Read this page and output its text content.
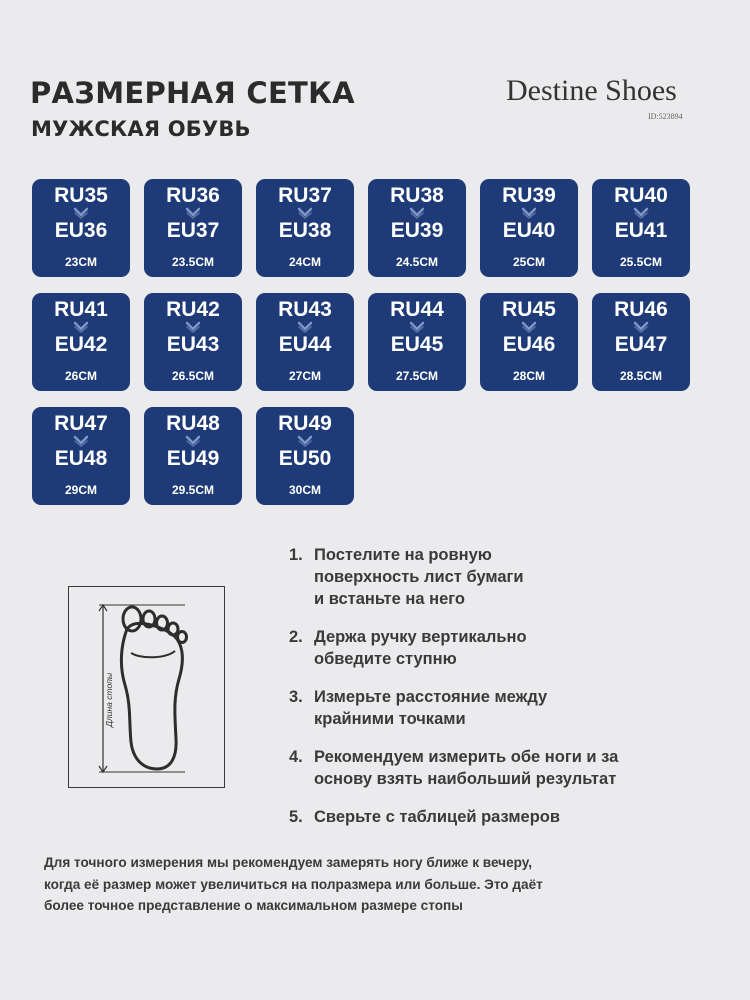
РАЗМЕРНАЯ СЕТКА
МУЖСКАЯ ОБУВЬ
Destine Shoes
ID:523894
RU35
EU36
23CM
RU36
EU37
23.5CM
RU37
EU38
24CM
RU38
EU39
24.5CM
RU39
EU40
25CM
RU40
EU41
25.5CM
RU41
EU42
26CM
RU42
EU43
26.5CM
RU43
EU44
27CM
RU44
EU45
27.5CM
RU45
EU46
28CM
RU46
EU47
28.5CM
RU47
EU48
29CM
RU48
EU49
29.5CM
RU49
EU50
30CM
Длина стопы
1. Постелите на ровную
поверхность лист бумаги
и встаньте на него
2. Держа ручку вертикально
обведите ступню
3. Измерьте расстояние между
крайними точками
4. Рекомендуем измерить обе ноги и за
основу взять наибольший результат
5. Сверьте с таблицей размеров
Для точного измерения мы рекомендуем замерять ногу ближе к вечеру,
когда её размер может увеличиться на полразмера или больше. Это даёт
более точное представление о максимальном размере стопы
